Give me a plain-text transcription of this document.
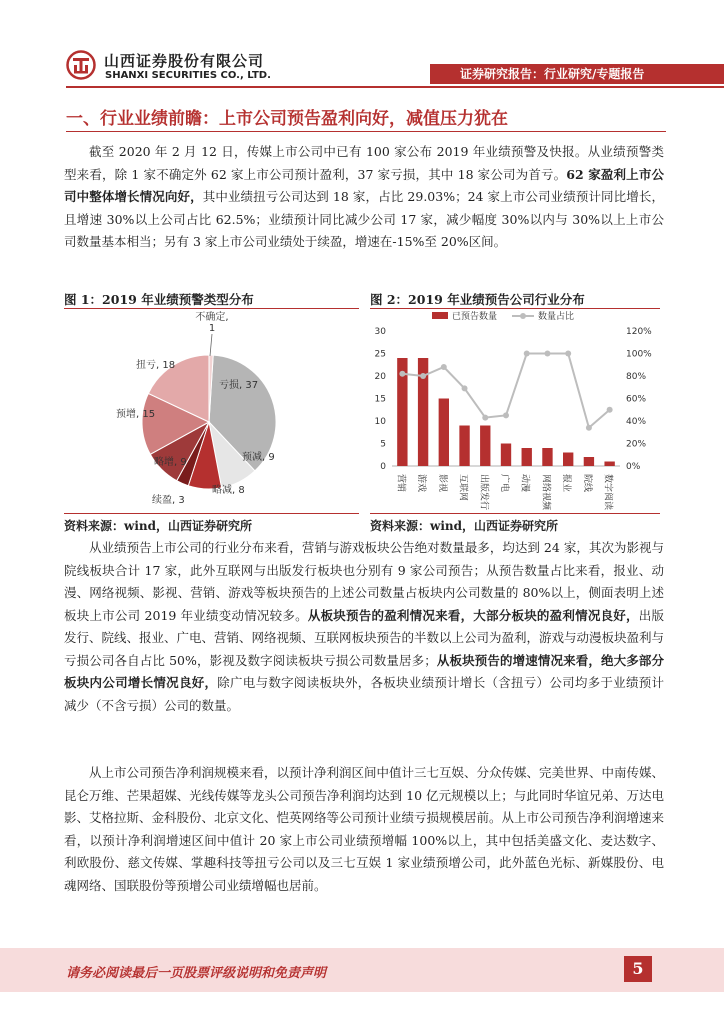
山西证券股份有限公司
SHANXI SECURITIES CO., LTD.	证券研究报告：行业研究/专题报告
一、行业业绩前瞻：上市公司预告盈利向好，减值压力犹在

截至 2020 年 2 月 12 日，传媒上市公司中已有 100 家公布 2019 年业绩预警及快报。从业绩预警类型来看，除 1 家不确定外 62 家上市公司预计盈利，37 家亏损，其中 18 家公司为首亏。62 家盈利上市公司中整体增长情况向好，其中业绩扭亏公司达到 18 家，占比 29.03%；24 家上市公司业绩预计同比增长，且增速 30%以上公司占比 62.5%；业绩预计同比减少公司 17 家，减少幅度 30%以内与 30%以上上市公司数量基本相当；另有 3 家上市公司业绩处于续盈，增速在-15%至 20%区间。

图 1：2019 年业绩预警类型分布
亏损, 37
预减, 9
略减, 8
续盈, 3
略增, 9
预增, 15
扭亏, 18
不确定,
1
资料来源：wind，山西证券研究所
图 2：2019 年业绩预告公司行业分布
0
5
10
15
20
25
30
0%
20%
40%
60%
80%
100%
120%
营销 游戏 影视 互联网 出版发行 广电 动漫 网络视频 报业 院线 数字阅读
已预告数量	数量占比
资料来源：wind，山西证券研究所

从业绩预告上市公司的行业分布来看，营销与游戏板块公告绝对数量最多，均达到 24 家，其次为影视与院线板块合计 17 家，此外互联网与出版发行板块也分别有 9 家公司预告；从预告数量占比来看，报业、动漫、网络视频、影视、营销、游戏等板块预告的上述公司数量占板块内公司数量的 80%以上，侧面表明上述板块上市公司 2019 年业绩变动情况较多。从板块预告的盈利情况来看，大部分板块的盈利情况良好，出版发行、院线、报业、广电、营销、网络视频、互联网板块预告的半数以上公司为盈利，游戏与动漫板块盈利与亏损公司各自占比 50%，影视及数字阅读板块亏损公司数量居多；从板块预告的增速情况来看，绝大多部分板块内公司增长情况良好，除广电与数字阅读板块外，各板块业绩预计增长（含扭亏）公司均多于业绩预计减少（不含亏损）公司的数量。

从上市公司预告净利润规模来看，以预计净利润区间中值计三七互娱、分众传媒、完美世界、中南传媒、昆仑万维、芒果超媒、光线传媒等龙头公司预告净利润均达到 10 亿元规模以上；与此同时华谊兄弟、万达电影、艾格拉斯、金科股份、北京文化、恺英网络等公司预计业绩亏损规模居前。从上市公司预告净利润增速来看，以预计净利润增速区间中值计 20 家上市公司业绩预增幅 100%以上，其中包括美盛文化、麦达数字、利欧股份、慈文传媒、掌趣科技等扭亏公司以及三七互娱 1 家业绩预增公司，此外蓝色光标、新媒股份、电魂网络、国联股份等预增公司业绩增幅也居前。

请务必阅读最后一页股票评级说明和免责声明	5
